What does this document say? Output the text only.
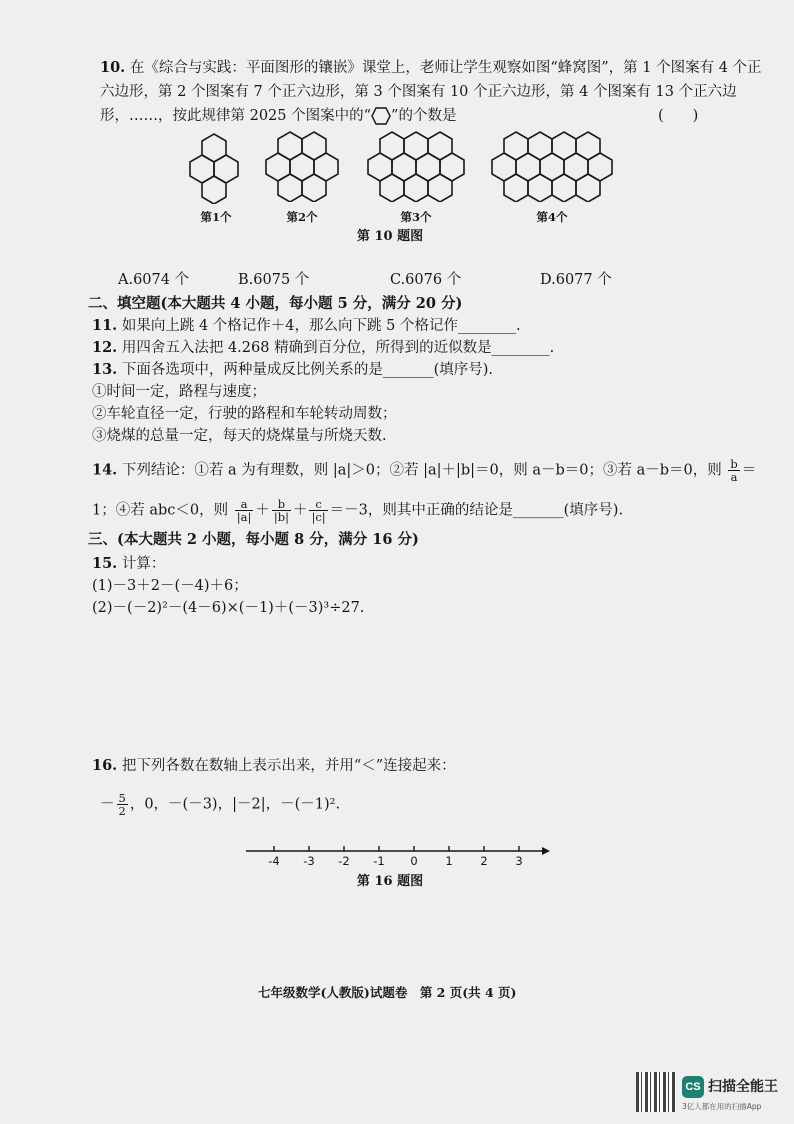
10. 在《综合与实践：平面图形的镶嵌》课堂上，老师让学生观察如图“蜂窝图”，第 1 个图案有 4 个正
六边形，第 2 个图案有 7 个正六边形，第 3 个图案有 10 个正六边形，第 4 个图案有 13 个正六边
形，……，按此规律第 2025 个图案中的“ ”的个数是	(　　)
第1个	第2个	第3个	第4个
第 10 题图
A.6074 个	B.6075 个	C.6076 个	D.6077 个
二、填空题(本大题共 4 小题，每小题 5 分，满分 20 分)
11. 如果向上跳 4 个格记作＋4，那么向下跳 5 个格记作________.
12. 用四舍五入法把 4.268 精确到百分位，所得到的近似数是________.
13. 下面各选项中，两种量成反比例关系的是_______(填序号).
①时间一定，路程与速度；
②车轮直径一定，行驶的路程和车轮转动周数；
③烧煤的总量一定，每天的烧煤量与所烧天数.
14. 下列结论：①若 a 为有理数，则 |a|＞0；②若 |a|＋|b|＝0，则 a－b＝0；③若 a－b＝0，则 $\frac{b}{a}$ ＝
1；④若 abc＜0，则 $\frac{a}{|a|} + \frac{b}{|b|} + \frac{c}{|c|} =-3$，则其中正确的结论是_______(填序号).
三、(本大题共 2 小题，每小题 8 分，满分 16 分)
15. 计算：
(1)－3＋2－(－4)＋6；
(2)－(－2)²－(4－6)×(－1)＋(－3)³÷27.
16. 把下列各数在数轴上表示出来，并用“＜”连接起来：
－ $\frac{5}{2}$ ，0，－(－3)，|－2|，－(－1)².
-4	-3	-2	-1	0	1	2	3
第 16 题图
七年级数学(人教版)试题卷　第 2 页(共 4 页)
CS 扫描全能王
3亿人都在用的扫描App
